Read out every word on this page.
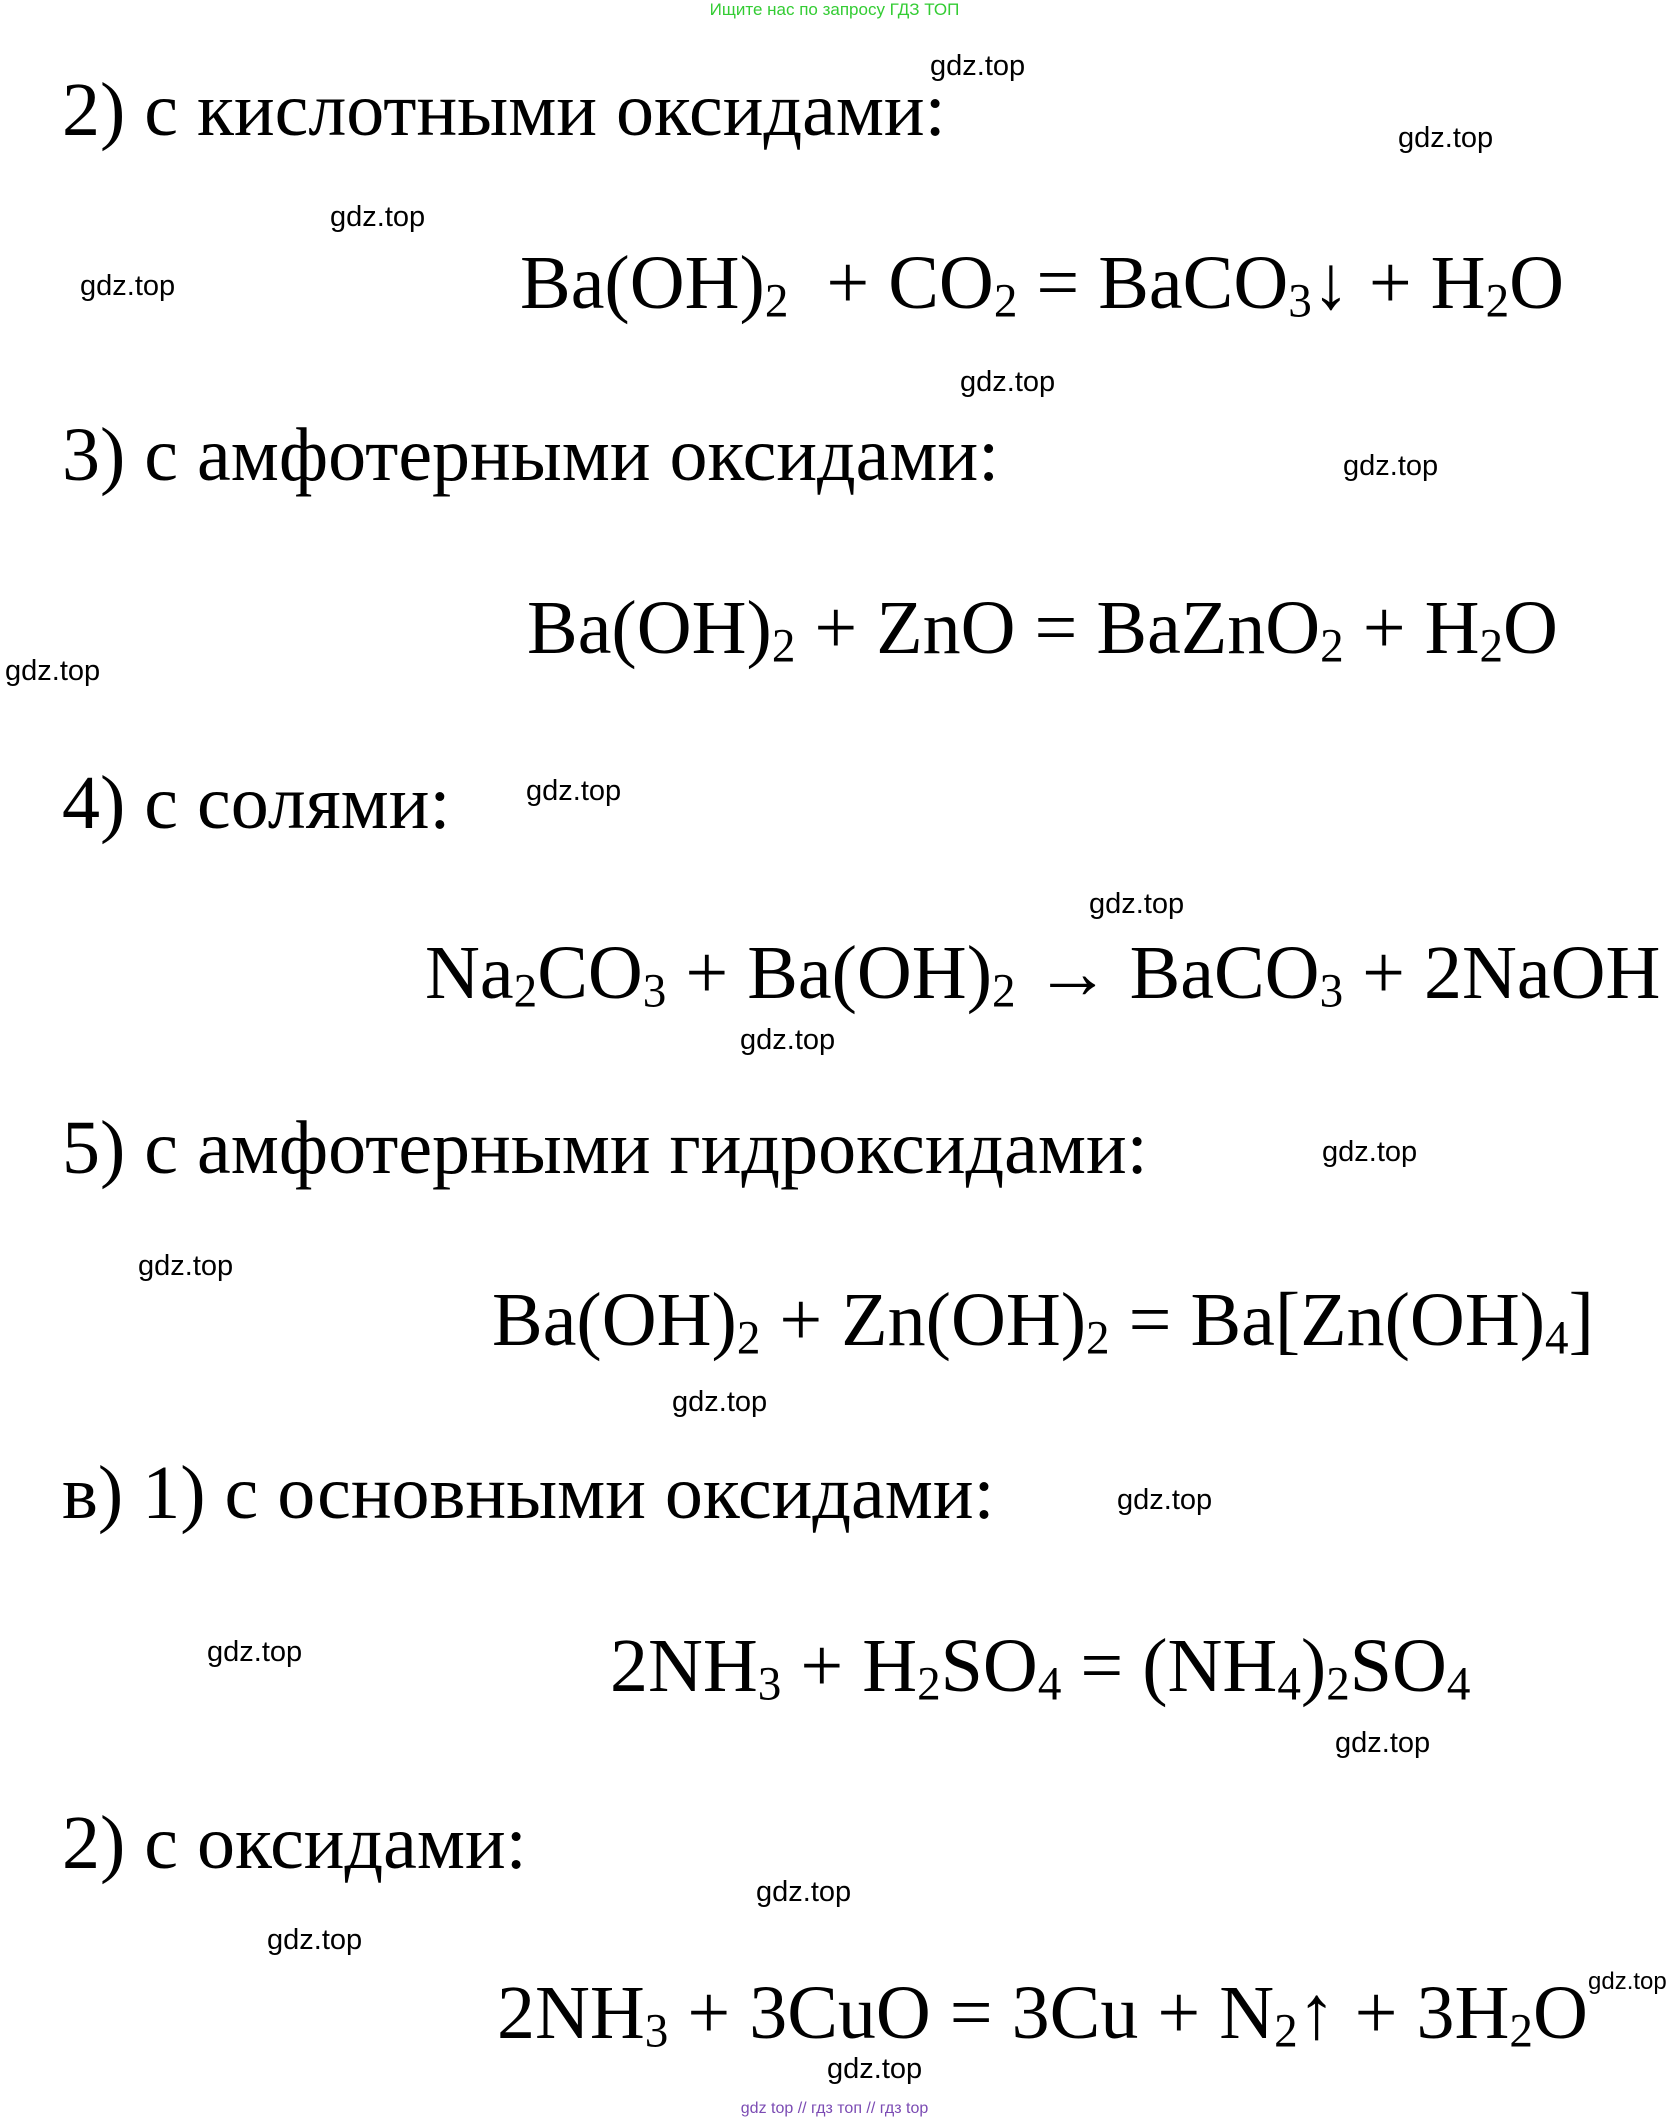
Ищите нас по запросу ГДЗ ТОП
2) с кислотными оксидами:
$Ba(OH)_2 + CO_2$ = BaCO$_3$↓ + $H_2O$
3) с амфотерными оксидами:
$Ba(OH)_2$ + ZnO = BaZnO$_2$ + $H_2O$
4) с солями:
$Na_2CO_3 + Ba(OH)_2$ → BaCO$_3$ + 2NaOH
5) с амфотерными гидроксидами:
$Ba(OH)_2 + Zn(OH)_2 = Ba[Zn(OH)_4]$
в) 1) с основными оксидами:
$2NH_3 + H_2SO_4 = (NH_4)_2SO_4$
2) с оксидами:
$2NH_3 + 3CuO = 3Cu$ + $N_2↑ + 3H_2O$
gdz.top
gdz.top
gdz.top
gdz.top
gdz.top
gdz.top
gdz.top
gdz.top
gdz.top
gdz.top
gdz.top
gdz.top
gdz.top
gdz.top
gdz.top
gdz.top
gdz.top
gdz.top
gdz.top
gdz.top
gdz top // гдз топ // гдз top
